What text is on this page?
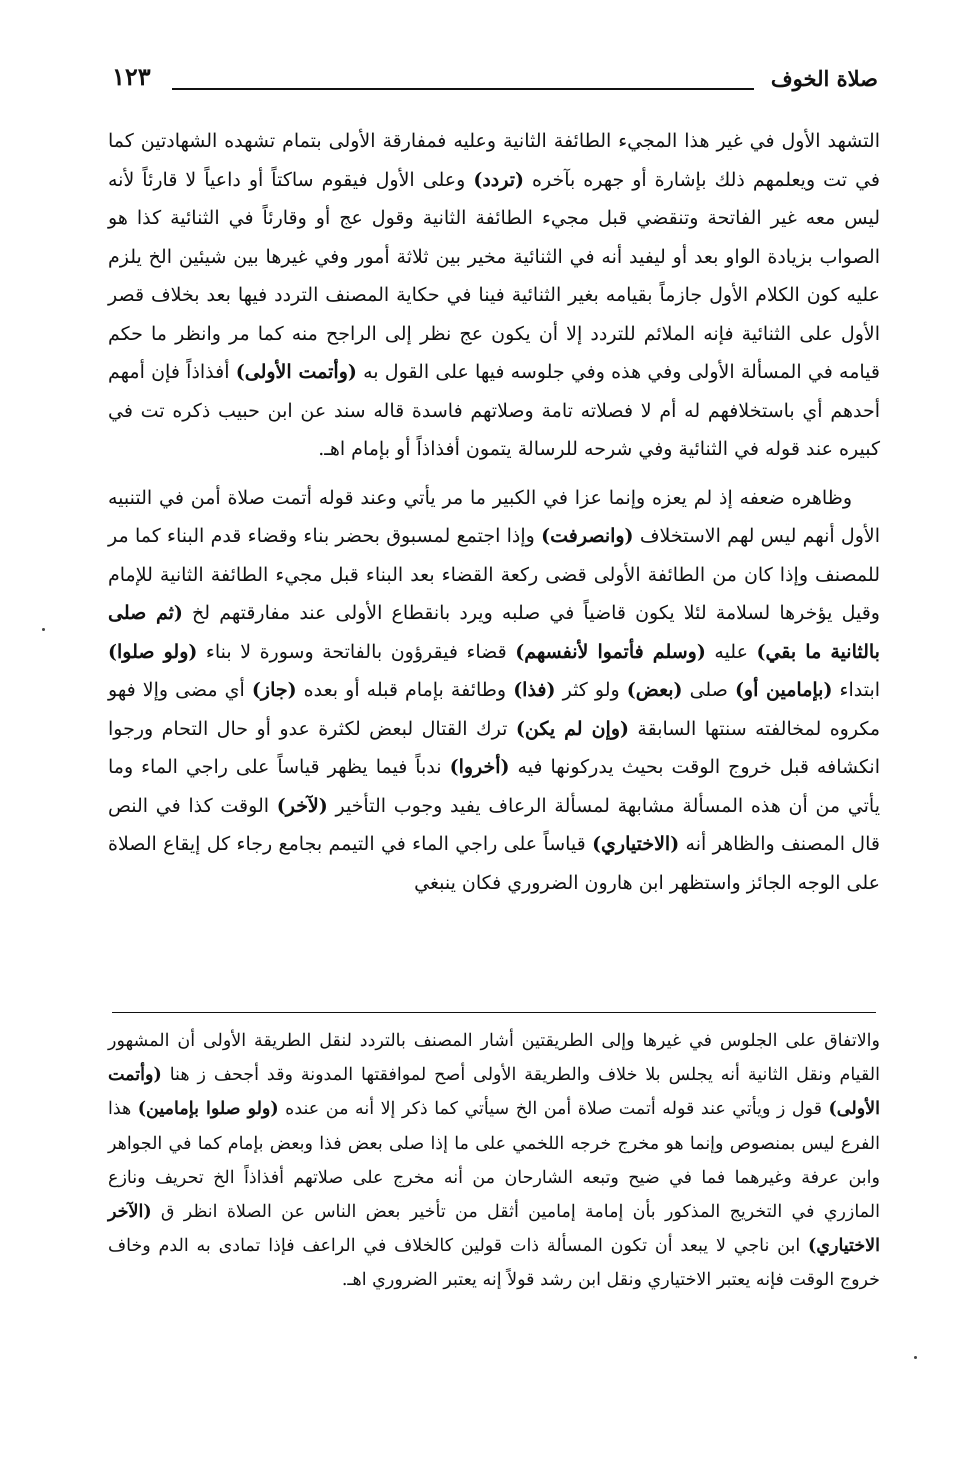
صلاة الخوف
١٢٣

التشهد الأول في غير هذا المجيء الطائفة الثانية وعليه فمفارقة الأولى بتمام تشهده الشهادتين كما في تت ويعلمهم ذلك بإشارة أو جهره بآخره (تردد) وعلى الأول فيقوم ساكتاً أو داعياً لا قارئاً لأنه ليس معه غير الفاتحة وتنقضي قبل مجيء الطائفة الثانية وقول عج أو وقارئاً في الثنائية كذا هو الصواب بزيادة الواو بعد أو ليفيد أنه في الثنائية مخير بين ثلاثة أمور وفي غيرها بين شيئين الخ يلزم عليه كون الكلام الأول جازماً بقيامه بغير الثنائية فينا في حكاية المصنف التردد فيها بعد بخلاف قصر الأول على الثنائية فإنه الملائم للتردد إلا أن يكون عج نظر إلى الراجح منه كما مر وانظر ما حكم قيامه في المسألة الأولى وفي هذه وفي جلوسه فيها على القول به (وأتمت الأولى) أفذاذاً فإن أمهم أحدهم أي باستخلافهم له أم لا فصلاته تامة وصلاتهم فاسدة قاله سند عن ابن حبيب ذكره تت في كبيره عند قوله في الثنائية وفي شرحه للرسالة يتمون أفذاذاً أو بإمام اهـ.

وظاهره ضعفه إذ لم يعزه وإنما عزا في الكبير ما مر يأتي وعند قوله أتمت صلاة أمن في التنبيه الأول أنهم ليس لهم الاستخلاف (وانصرفت) وإذا اجتمع لمسبوق بحضر بناء وقضاء قدم البناء كما مر للمصنف وإذا كان من الطائفة الأولى قضى ركعة القضاء بعد البناء قبل مجيء الطائفة الثانية للإمام وقيل يؤخرها لسلامة لئلا يكون قاضياً في صلبه ويرد بانقطاع الأولى عند مفارقتهم لخ (ثم صلى بالثانية ما بقي) عليه (وسلم فأتموا لأنفسهم) قضاء فيقرؤون بالفاتحة وسورة لا بناء (ولو صلوا) ابتداء (بإمامين أو) صلى (بعض) ولو كثر (فذا) وطائفة بإمام قبله أو بعده (جاز) أي مضى وإلا فهو مكروه لمخالفته سنتها السابقة (وإن لم يكن) ترك القتال لبعض لكثرة عدو أو حال التحام ورجوا انكشافه قبل خروج الوقت بحيث يدركونها فيه (أخروا) ندباً فيما يظهر قياساً على راجي الماء وما يأتي من أن هذه المسألة مشابهة لمسألة الرعاف يفيد وجوب التأخير (لآخر) الوقت كذا في النص قال المصنف والظاهر أنه (الاختياري) قياساً على راجي الماء في التيمم بجامع رجاء كل إيقاع الصلاة على الوجه الجائز واستظهر ابن هارون الضروري فكان ينبغي

والاتفاق على الجلوس في غيرها وإلى الطريقتين أشار المصنف بالتردد لنقل الطريقة الأولى أن المشهور القيام ونقل الثانية أنه يجلس بلا خلاف والطريقة الأولى أصح لموافقتها المدونة وقد أجحف ز هنا (وأتمت الأولى) قول ز ويأتي عند قوله أتمت صلاة أمن الخ سيأتي كما ذكر إلا أنه من عنده (ولو صلوا بإمامين) هذا الفرع ليس بمنصوص وإنما هو مخرج خرجه اللخمي على ما إذا صلى بعض فذا وبعض بإمام كما في الجواهر وابن عرفة وغيرهما فما في ضيح وتبعه الشارحان من أنه مخرج على صلاتهم أفذاذاً الخ تحريف ونازع المازري في التخريج المذكور بأن إمامة إمامين أثقل من تأخير بعض الناس عن الصلاة انظر ق (الآخر الاختياري) ابن ناجي لا يبعد أن تكون المسألة ذات قولين كالخلاف في الراعف فإذا تمادى به الدم وخاف خروج الوقت فإنه يعتبر الاختياري ونقل ابن رشد قولاً إنه يعتبر الضروري اهـ.
